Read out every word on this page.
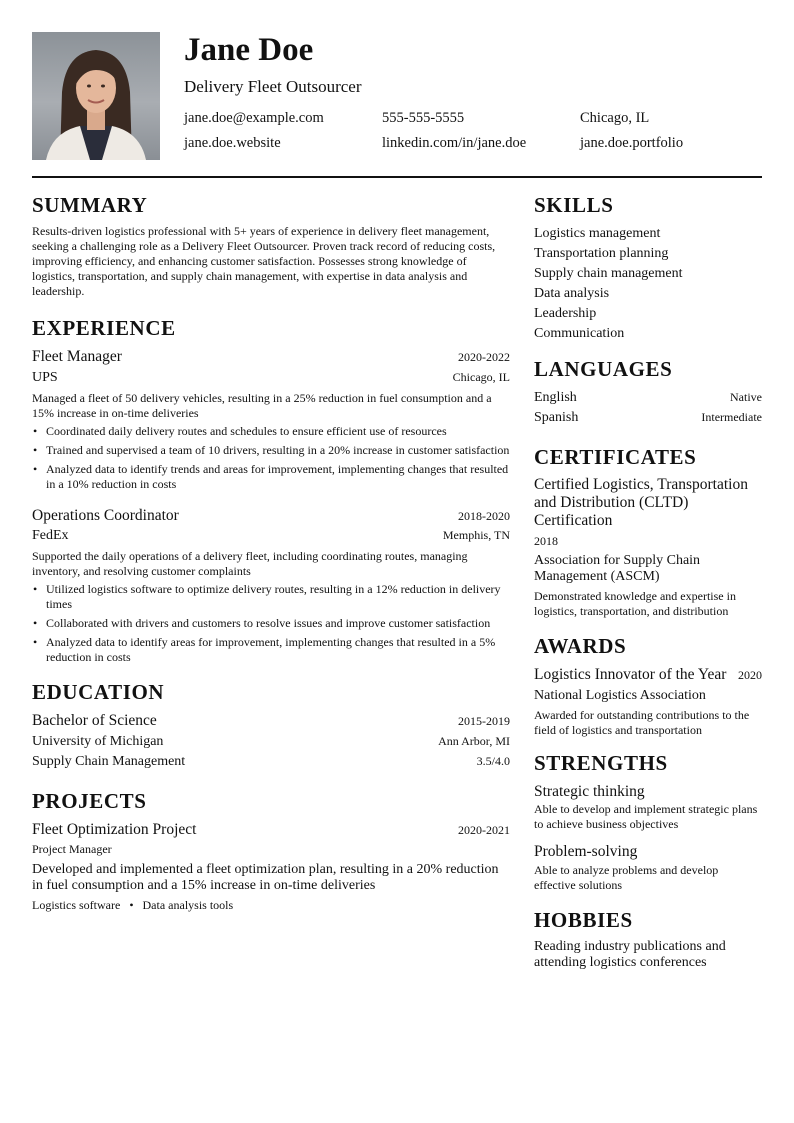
Jane Doe
Delivery Fleet Outsourcer
jane.doe@example.com	555-555-5555	Chicago, IL
jane.doe.website	linkedin.com/in/jane.doe	jane.doe.portfolio
SUMMARY
Results-driven logistics professional with 5+ years of experience in delivery fleet management, seeking a challenging role as a Delivery Fleet Outsourcer. Proven track record of reducing costs, improving efficiency, and enhancing customer satisfaction. Possesses strong knowledge of logistics, transportation, and supply chain management, with expertise in data analysis and leadership.
EXPERIENCE
Fleet Manager	2020-2022
UPS	Chicago, IL
Managed a fleet of 50 delivery vehicles, resulting in a 25% reduction in fuel consumption and a 15% increase in on-time deliveries
• Coordinated daily delivery routes and schedules to ensure efficient use of resources
• Trained and supervised a team of 10 drivers, resulting in a 20% increase in customer satisfaction
• Analyzed data to identify trends and areas for improvement, implementing changes that resulted in a 10% reduction in costs
Operations Coordinator	2018-2020
FedEx	Memphis, TN
Supported the daily operations of a delivery fleet, including coordinating routes, managing inventory, and resolving customer complaints
• Utilized logistics software to optimize delivery routes, resulting in a 12% reduction in delivery times
• Collaborated with drivers and customers to resolve issues and improve customer satisfaction
• Analyzed data to identify areas for improvement, implementing changes that resulted in a 5% reduction in costs
EDUCATION
Bachelor of Science	2015-2019
University of Michigan	Ann Arbor, MI
Supply Chain Management	3.5/4.0
PROJECTS
Fleet Optimization Project	2020-2021
Project Manager
Developed and implemented a fleet optimization plan, resulting in a 20% reduction in fuel consumption and a 15% increase in on-time deliveries
Logistics software • Data analysis tools
SKILLS
Logistics management
Transportation planning
Supply chain management
Data analysis
Leadership
Communication
LANGUAGES
English	Native
Spanish	Intermediate
CERTIFICATES
Certified Logistics, Transportation and Distribution (CLTD) Certification
2018
Association for Supply Chain Management (ASCM)
Demonstrated knowledge and expertise in logistics, transportation, and distribution
AWARDS
Logistics Innovator of the Year 2020
National Logistics Association
Awarded for outstanding contributions to the field of logistics and transportation
STRENGTHS
Strategic thinking
Able to develop and implement strategic plans to achieve business objectives
Problem-solving
Able to analyze problems and develop effective solutions
HOBBIES
Reading industry publications and attending logistics conferences
